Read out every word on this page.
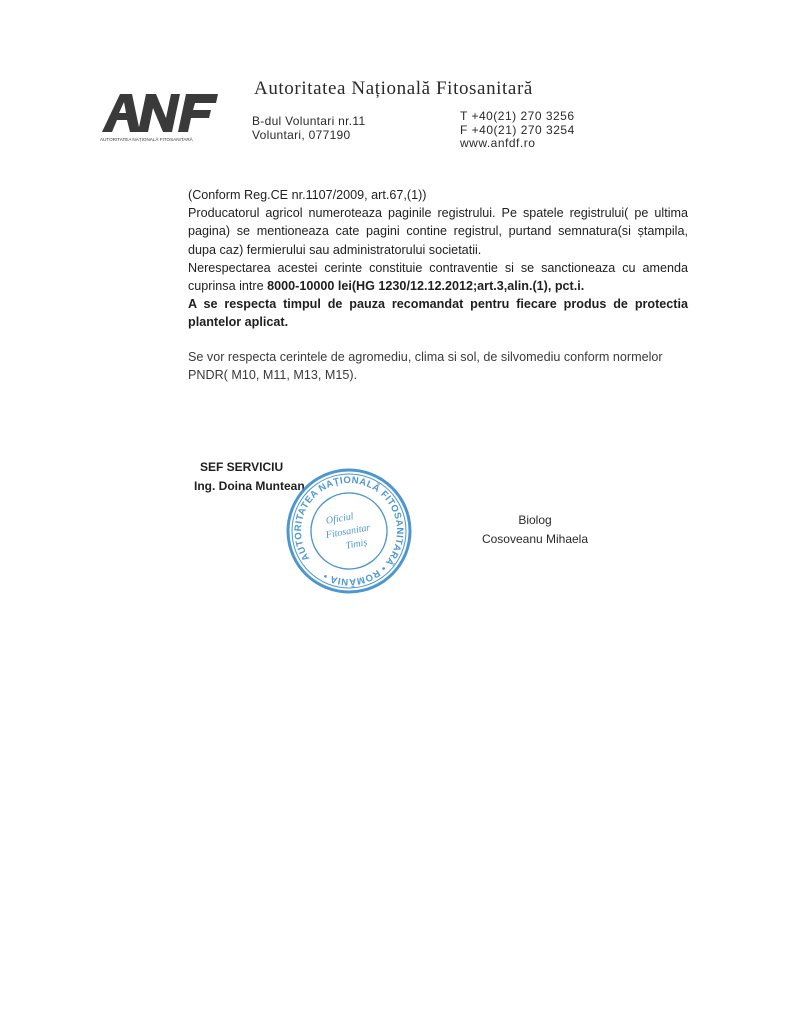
AUTORITATEA NAȚIONALĂ FITOSANITARĂ
Autoritatea Națională Fitosanitară
B-dul Voluntari nr.11
Voluntari, 077190
T +40(21) 270 3256
F +40(21) 270 3254
www.anfdf.ro

(Conform Reg.CE nr.1107/2009, art.67,(1))

Producatorul agricol numeroteaza paginile registrului. Pe spatele registrului( pe ultima pagina) se mentioneaza cate pagini contine registrul, purtand semnatura(si ștampila, dupa caz) fermierului sau administratorului societatii.

Nerespectarea acestei cerinte constituie contraventie si se sanctioneaza cu amenda cuprinsa intre 8000-10000 lei(HG 1230/12.12.2012;art.3,alin.(1), pct.i.

A se respecta timpul de pauza recomandat pentru fiecare produs de protectia plantelor aplicat.

Se vor respecta cerintele de agromediu, clima si sol, de silvomediu conform normelor PNDR( M10, M11, M13, M15).

SEF SERVICIU
Ing. Doina Muntean
AUTORITATEA NAȚIONALĂ FITOSANITARĂ • ROMÂNIA •
Oficiul
Fitosanitar
Timiș
Biolog
Cosoveanu Mihaela
